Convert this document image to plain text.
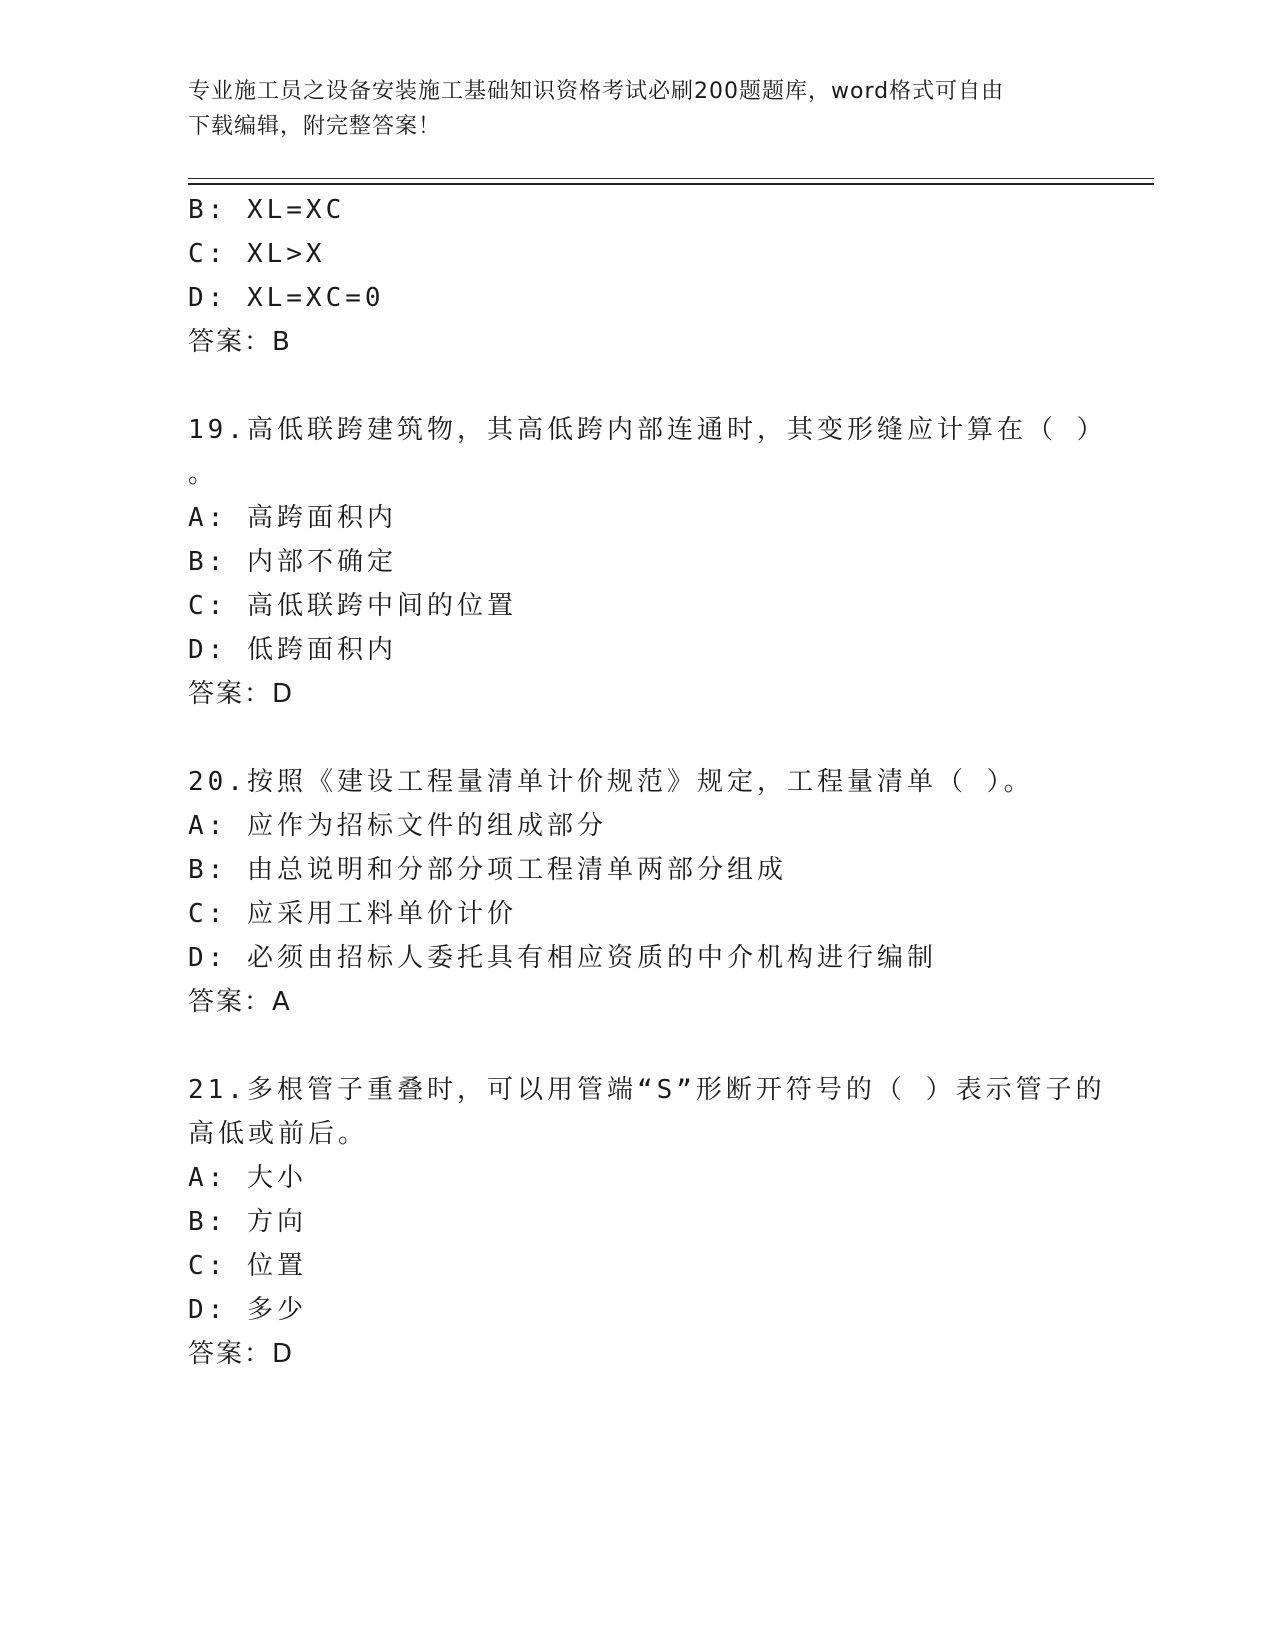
专业施工员之设备安装施工基础知识资格考试必刷200题题库，word格式可自由
下载编辑，附完整答案！
B: XL=XC
C: XL>X
D: XL=XC=0
答案：B
19.高低联跨建筑物，其高低跨内部连通时，其变形缝应计算在（ ）
。
A: 高跨面积内
B: 内部不确定
C: 高低联跨中间的位置
D: 低跨面积内
答案：D
20.按照《建设工程量清单计价规范》规定，工程量清单（ ）。
A: 应作为招标文件的组成部分
B: 由总说明和分部分项工程清单两部分组成
C: 应采用工料单价计价
D: 必须由招标人委托具有相应资质的中介机构进行编制
答案：A
21.多根管子重叠时，可以用管端“S”形断开符号的（ ）表示管子的
高低或前后。
A: 大小
B: 方向
C: 位置
D: 多少
答案：D
